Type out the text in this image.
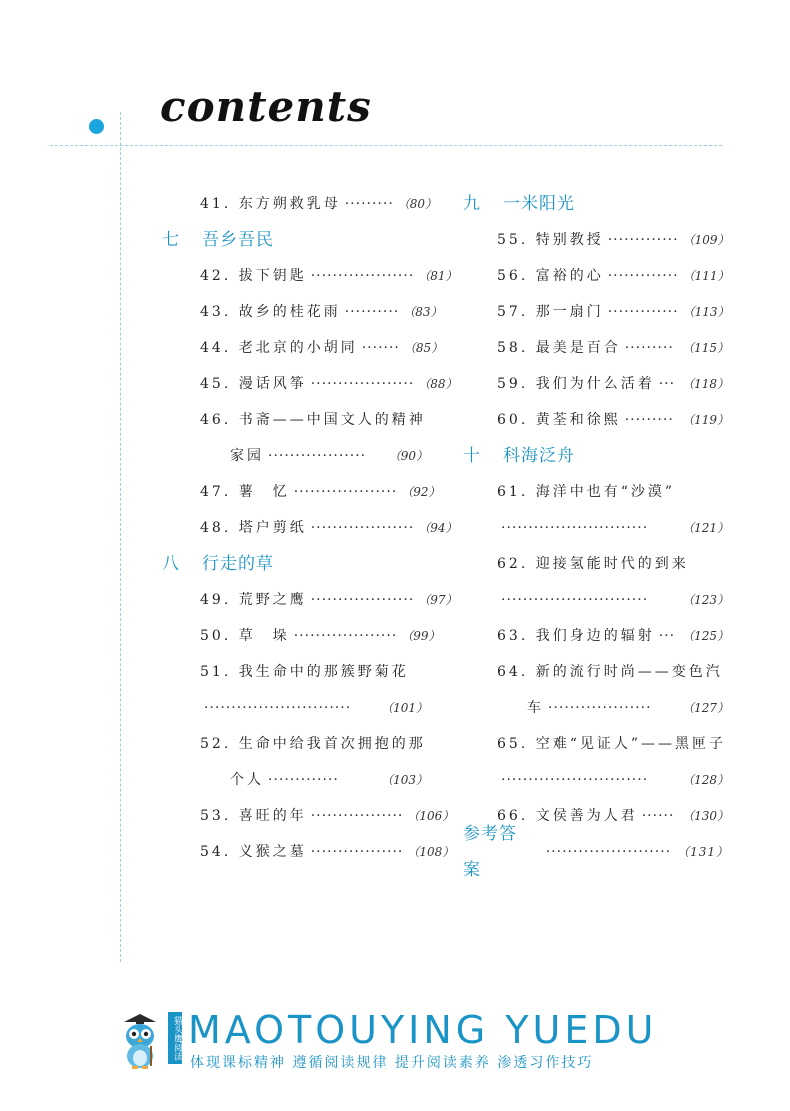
contents
41. 东方朔救乳母 ········· （80）
七 吾乡吾民
42. 拔下钥匙 ··················· （81）
43. 故乡的桂花雨 ·········· （83）
44. 老北京的小胡同 ······· （85）
45. 漫话风筝 ··················· （88）
46. 书斋——中国文人的精神
家园 ··················	（90）
47. 薯　忆 ··················· （92）
48. 塔户剪纸 ··················· （94）
八 行走的草
49. 荒野之鹰 ··················· （97）
50. 草　垛 ··················· （99）
51. 我生命中的那簇野菊花
···························	（101）
52. 生命中给我首次拥抱的那
个人 ·············	（103）
53. 喜旺的年 ················· （106）
54. 义猴之墓 ················· （108）
九 一米阳光
55. 特别教授 ············· （109）
56. 富裕的心 ············· （111）
57. 那一扇门 ············· （113）
58. 最美是百合 ········· （115）
59. 我们为什么活着 ··· （118）
60. 黄荃和徐熙 ········· （119）
十 科海泛舟
61. 海洋中也有“沙漠”
···························	（121）
62. 迎接氢能时代的到来
···························	（123）
63. 我们身边的辐射 ··· （125）
64. 新的流行时尚——变色汽
车 ···················	（127）
65. 空难“见证人”——黑匣子
···························	（128）
66. 文侯善为人君 ······ （130）
参考答案
······················· （131）
猫头鹰阅读 MAOTOUYING YUEDU
体现课标精神 遵循阅读规律 提升阅读素养 渗透习作技巧
